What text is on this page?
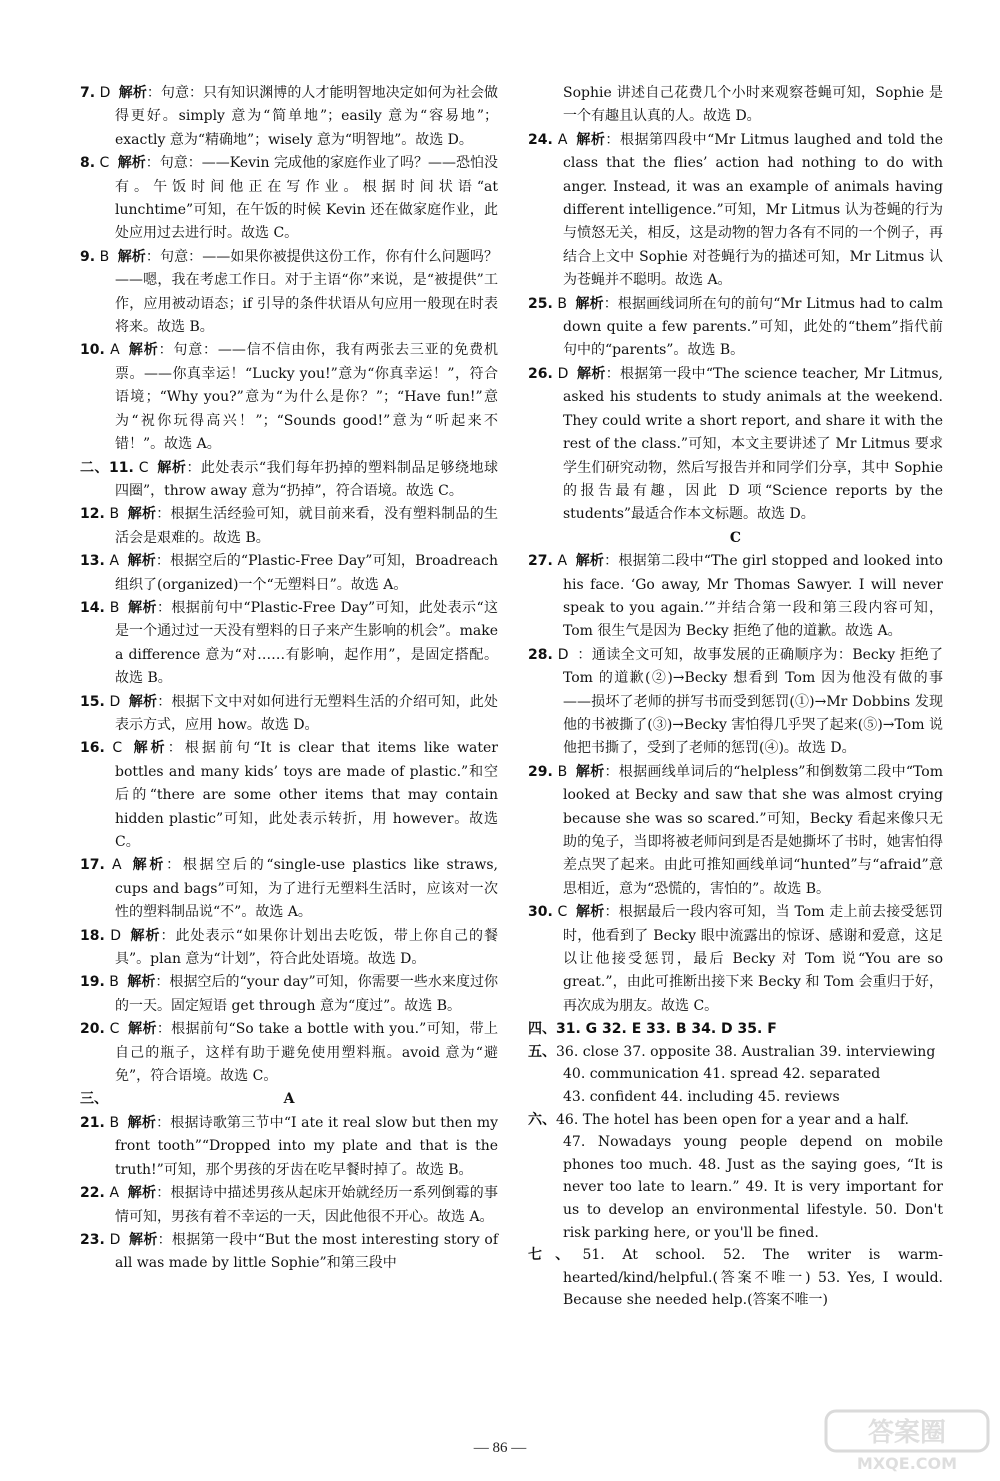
7. D 解析：句意：只有知识渊博的人才能明智地决定如何为社会做得更好。simply 意为“简单地”；easily 意为“容易地”；exactly 意为“精确地”；wisely 意为“明智地”。故选 D。
8. C 解析：句意：——Kevin 完成他的家庭作业了吗？——恐怕没有。午饭时间他正在写作业。根据时间状语“at lunchtime”可知，在午饭的时候 Kevin 还在做家庭作业，此处应用过去进行时。故选 C。
9. B 解析：句意：——如果你被提供这份工作，你有什么问题吗？——嗯，我在考虑工作日。对于主语“你”来说，是“被提供”工作，应用被动语态；if 引导的条件状语从句应用一般现在时表将来。故选 B。
10. A 解析：句意：——信不信由你，我有两张去三亚的免费机票。——你真幸运！“Lucky you!”意为“你真幸运！”，符合语境；“Why you?”意为“为什么是你？”；“Have fun!”意为“祝你玩得高兴！”；“Sounds good!”意为“听起来不错！”。故选 A。
二、11. C 解析：此处表示“我们每年扔掉的塑料制品足够绕地球四圈”，throw away 意为“扔掉”，符合语境。故选 C。
12. B 解析：根据生活经验可知，就目前来看，没有塑料制品的生活会是艰难的。故选 B。
13. A 解析：根据空后的“Plastic-Free Day”可知，Broadreach 组织了(organized)一个“无塑料日”。故选 A。
14. B 解析：根据前句中“Plastic-Free Day”可知，此处表示“这是一个通过过一天没有塑料的日子来产生影响的机会”。make a difference 意为“对……有影响，起作用”，是固定搭配。故选 B。
15. D 解析：根据下文中对如何进行无塑料生活的介绍可知，此处表示方式，应用 how。故选 D。
16. C 解析：根据前句“It is clear that items like water bottles and many kids’ toys are made of plastic.”和空后的“there are some other items that may contain hidden plastic”可知，此处表示转折，用 however。故选 C。
17. A 解析：根据空后的“single-use plastics like straws, cups and bags”可知，为了进行无塑料生活时，应该对一次性的塑料制品说“不”。故选 A。
18. D 解析：此处表示“如果你计划出去吃饭，带上你自己的餐具”。plan 意为“计划”，符合此处语境。故选 D。
19. B 解析：根据空后的“your day”可知，你需要一些水来度过你的一天。固定短语 get through 意为“度过”。故选 B。
20. C 解析：根据前句“So take a bottle with you.”可知，带上自己的瓶子，这样有助于避免使用塑料瓶。avoid 意为“避免”，符合语境。故选 C。
三、	A
21. B 解析：根据诗歌第三节中“I ate it real slow but then my front tooth”“Dropped into my plate and that is the truth!”可知，那个男孩的牙齿在吃早餐时掉了。故选 B。
22. A 解析：根据诗中描述男孩从起床开始就经历一系列倒霉的事情可知，男孩有着不幸运的一天，因此他很不开心。故选 A。
23. D 解析：根据第一段中“But the most interesting story of all was made by little Sophie”和第三段中
Sophie 讲述自己花费几个小时来观察苍蝇可知，Sophie 是一个有趣且认真的人。故选 D。
24. A 解析：根据第四段中“Mr Litmus laughed and told the class that the flies’ action had nothing to do with anger. Instead, it was an example of animals having different intelligence.”可知，Mr Litmus 认为苍蝇的行为与愤怒无关，相反，这是动物的智力各有不同的一个例子，再结合上文中 Sophie 对苍蝇行为的描述可知，Mr Litmus 认为苍蝇并不聪明。故选 A。
25. B 解析：根据画线词所在句的前句“Mr Litmus had to calm down quite a few parents.”可知，此处的“them”指代前句中的“parents”。故选 B。
26. D 解析：根据第一段中“The science teacher, Mr Litmus, asked his students to study animals at the weekend. They could write a short report, and share it with the rest of the class.”可知，本文主要讲述了 Mr Litmus 要求学生们研究动物，然后写报告并和同学们分享，其中 Sophie 的报告最有趣，因此 D 项“Science reports by the students”最适合作本文标题。故选 D。
C
27. A 解析：根据第二段中“The girl stopped and looked into his face. ‘Go away, Mr Thomas Sawyer. I will never speak to you again.’”并结合第一段和第三段内容可知，Tom 很生气是因为 Becky 拒绝了他的道歉。故选 A。
28. D ：通读全文可知，故事发展的正确顺序为：Becky 拒绝了 Tom 的道歉(②)→Becky 想看到 Tom 因为他没有做的事——损坏了老师的拼写书而受到惩罚(①)→Mr Dobbins 发现他的书被撕了(③)→Becky 害怕得几乎哭了起来(⑤)→Tom 说他把书撕了，受到了老师的惩罚(④)。故选 D。
29. B 解析：根据画线单词后的“helpless”和倒数第二段中“Tom looked at Becky and saw that she was almost crying because she was so scared.”可知，Becky 看起来像只无助的兔子，当即将被老师问到是否是她撕坏了书时，她害怕得差点哭了起来。由此可推知画线单词“hunted”与“afraid”意思相近，意为“恐慌的，害怕的”。故选 B。
30. C 解析：根据最后一段内容可知，当 Tom 走上前去接受惩罚时，他看到了 Becky 眼中流露出的惊讶、感谢和爱意，这足以让他接受惩罚，最后 Becky 对 Tom 说“You are so great.”，由此可推断出接下来 Becky 和 Tom 会重归于好，再次成为朋友。故选 C。
四、31. G 32. E 33. B 34. D 35. F
五、36. close 37. opposite 38. Australian 39. interviewing
40. communication 41. spread 42. separated
43. confident 44. including 45. reviews
六、46. The hotel has been open for a year and a half.
47. Nowadays young people depend on mobile phones too much. 48. Just as the saying goes, “It is never too late to learn.” 49. It is very important for us to develop an environmental lifestyle. 50. Don't risk parking here, or you'll be fined.
七、51. At school. 52. The writer is warm-hearted/kind/helpful.(答案不唯一) 53. Yes, I would. Because she needed help.(答案不唯一)
— 86 —	答案圈
MXQE.COM
